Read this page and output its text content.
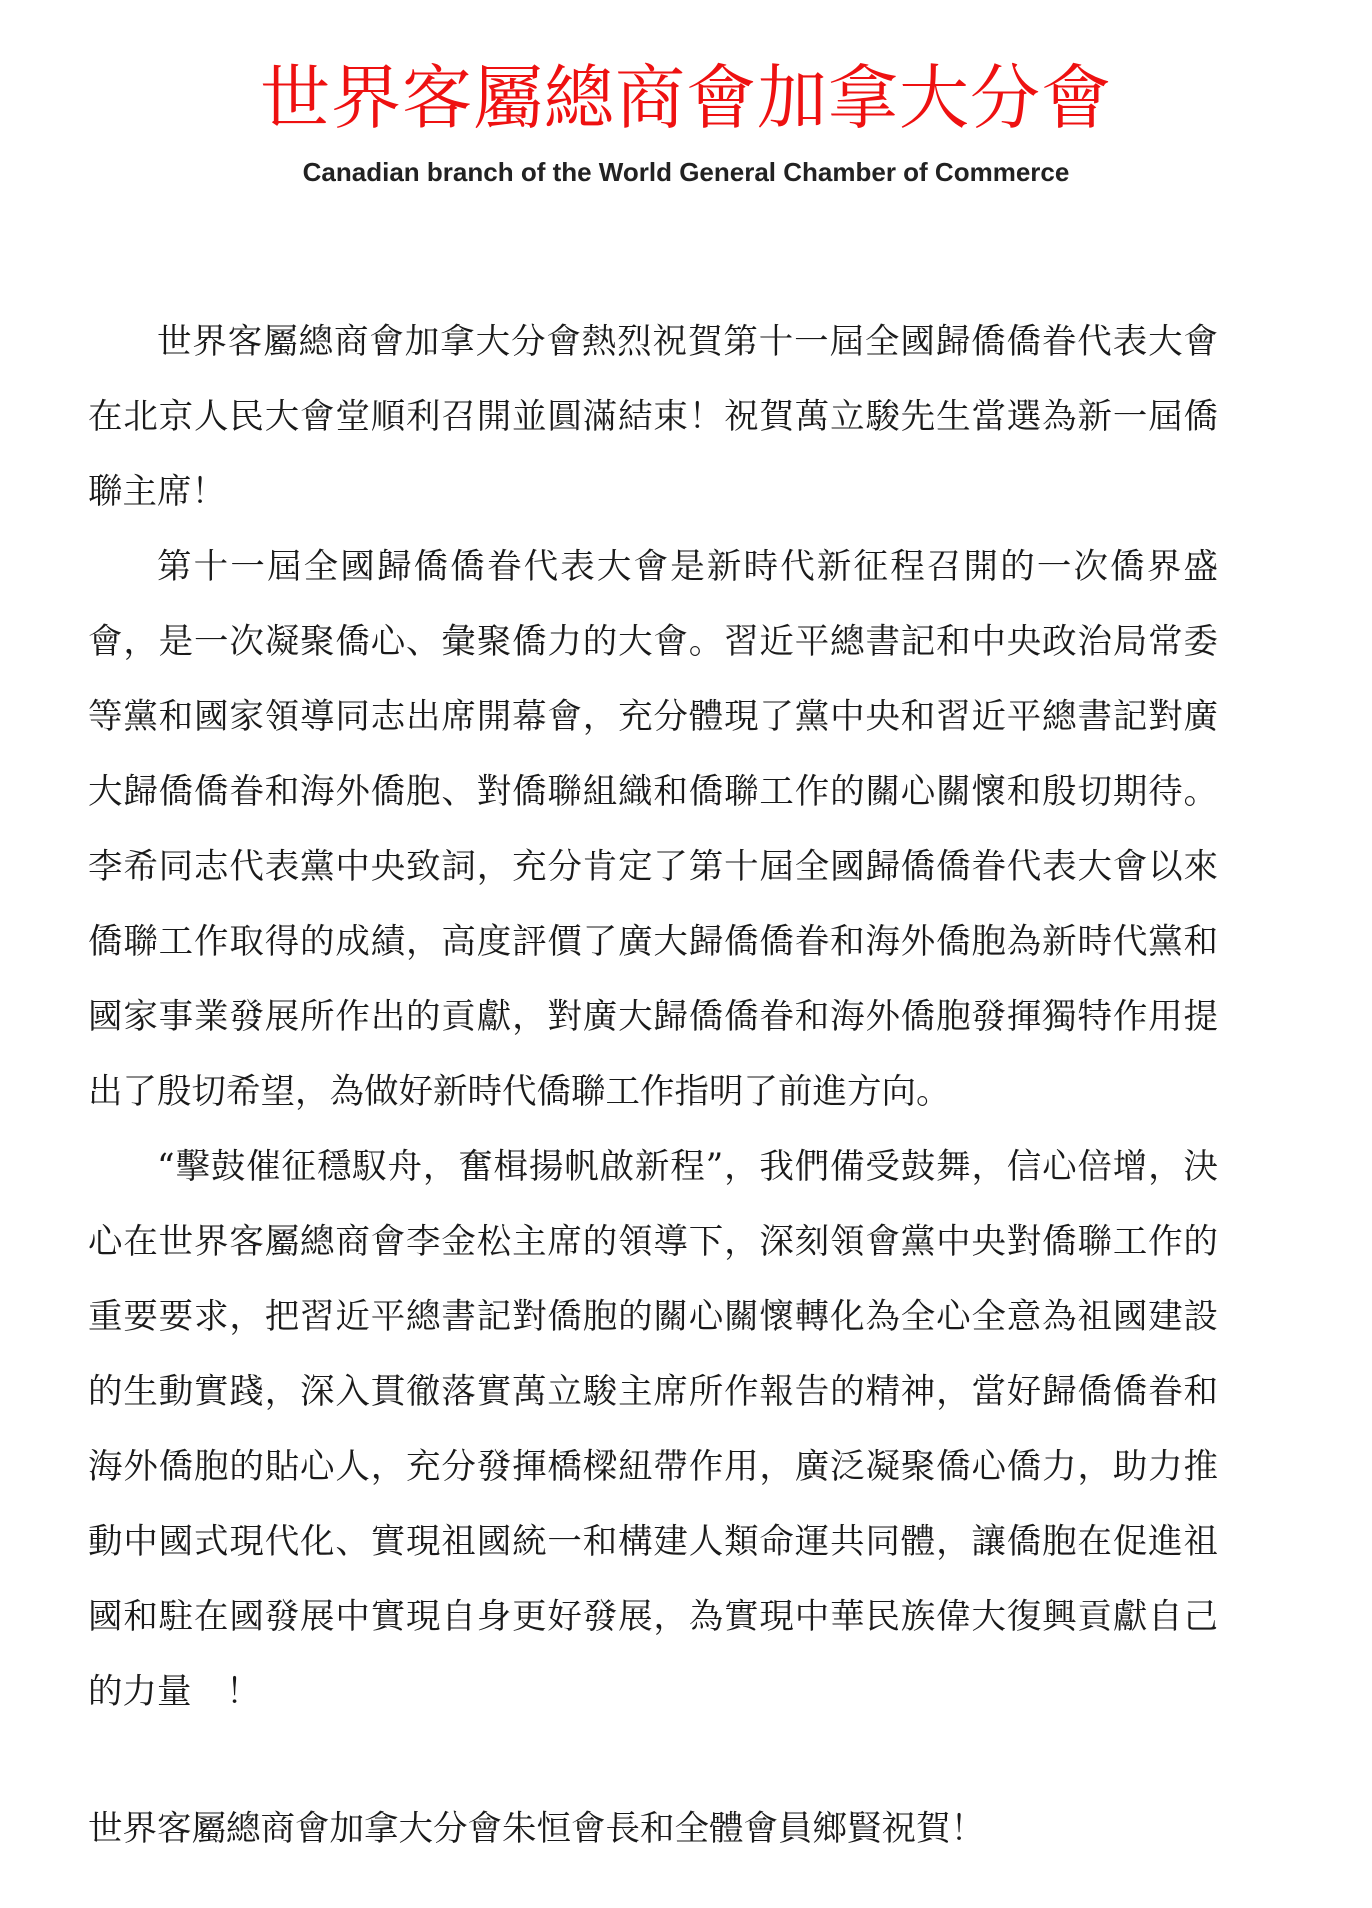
世界客屬總商會加拿大分會

Canadian branch of the World General Chamber of Commerce

世界客屬總商會加拿大分會熱烈祝賀第十一屆全國歸僑僑眷代表大會在北京人民大會堂順利召開並圓滿結束！祝賀萬立駿先生當選為新一屆僑聯主席！

第十一屆全國歸僑僑眷代表大會是新時代新征程召開的一次僑界盛會，是一次凝聚僑心、彙聚僑力的大會。習近平總書記和中央政治局常委等黨和國家領導同志出席開幕會，充分體現了黨中央和習近平總書記對廣大歸僑僑眷和海外僑胞、對僑聯組織和僑聯工作的關心關懷和殷切期待。李希同志代表黨中央致詞，充分肯定了第十屆全國歸僑僑眷代表大會以來僑聯工作取得的成績，高度評價了廣大歸僑僑眷和海外僑胞為新時代黨和國家事業發展所作出的貢獻，對廣大歸僑僑眷和海外僑胞發揮獨特作用提出了殷切希望，為做好新時代僑聯工作指明了前進方向。

“擊鼓催征穩馭舟，奮楫揚帆啟新程”，我們備受鼓舞，信心倍增，決心在世界客屬總商會李金松主席的領導下，深刻領會黨中央對僑聯工作的重要要求，把習近平總書記對僑胞的關心關懷轉化為全心全意為祖國建設的生動實踐，深入貫徹落實萬立駿主席所作報告的精神，當好歸僑僑眷和海外僑胞的貼心人，充分發揮橋樑紐帶作用，廣泛凝聚僑心僑力，助力推動中國式現代化、實現祖國統一和構建人類命運共同體，讓僑胞在促進祖國和駐在國發展中實現自身更好發展，為實現中華民族偉大復興貢獻自己的力量　！

世界客屬總商會加拿大分會朱恒會長和全體會員鄉賢祝賀！
